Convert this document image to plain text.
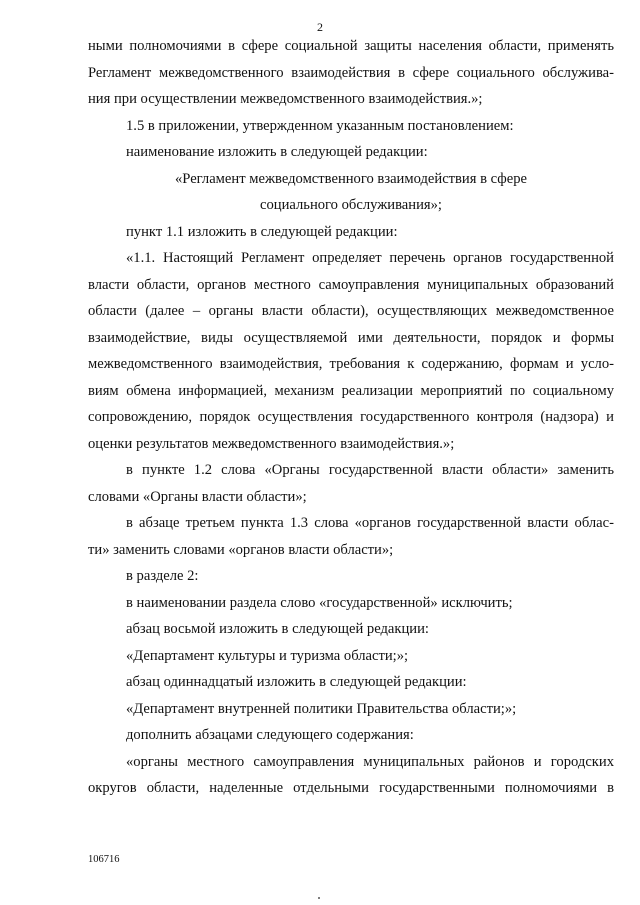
2
ными полномочиями в сфере социальной защиты населения области, применять
Регламент межведомственного взаимодействия в сфере социального обслужива-
ния при осуществлении межведомственного взаимодействия.»;
1.5 в приложении, утвержденном указанным постановлением:
наименование изложить в следующей редакции:
«Регламент межведомственного взаимодействия в сфере
социального обслуживания»;
пункт 1.1 изложить в следующей редакции:
«1.1. Настоящий Регламент определяет перечень органов государственной
власти области, органов местного самоуправления муниципальных образований
области (далее – органы власти области), осуществляющих межведомственное
взаимодействие, виды осуществляемой ими деятельности, порядок и формы
межведомственного взаимодействия, требования к содержанию, формам и усло-
виям обмена информацией, механизм реализации мероприятий по социальному
сопровождению, порядок осуществления государственного контроля (надзора) и
оценки результатов межведомственного взаимодействия.»;
в пункте 1.2 слова «Органы государственной власти области» заменить
словами «Органы власти области»;
в абзаце третьем пункта 1.3 слова «органов государственной власти облас-
ти» заменить словами «органов власти области»;
в разделе 2:
в наименовании раздела слово «государственной» исключить;
абзац восьмой изложить в следующей редакции:
«Департамент культуры и туризма области;»;
абзац одиннадцатый изложить в следующей редакции:
«Департамент внутренней политики Правительства области;»;
дополнить абзацами следующего содержания:
«органы местного самоуправления муниципальных районов и городских
округов области, наделенные отдельными государственными полномочиями в
106716
